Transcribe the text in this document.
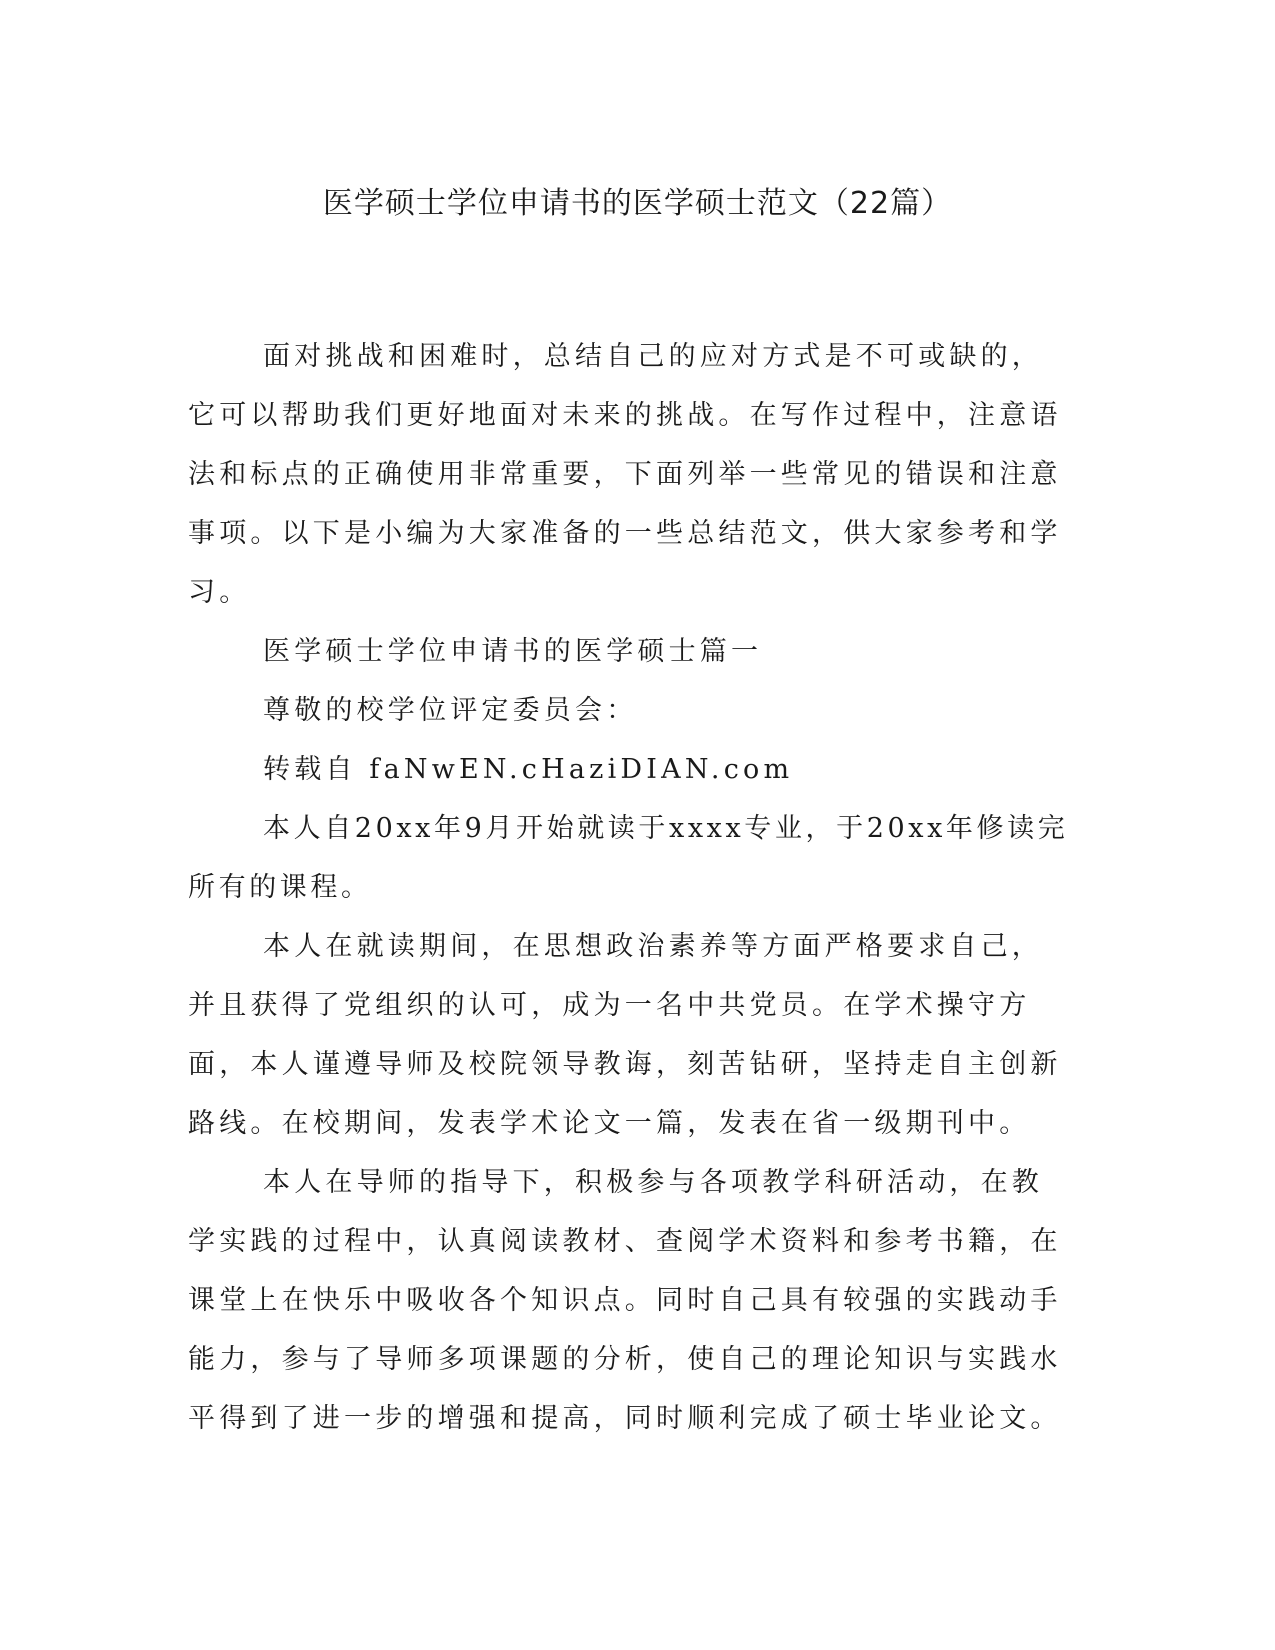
医学硕士学位申请书的医学硕士范文（22篇）

面对挑战和困难时，总结自己的应对方式是不可或缺的，它可以帮助我们更好地面对未来的挑战。在写作过程中，注意语法和标点的正确使用非常重要，下面列举一些常见的错误和注意事项。以下是小编为大家准备的一些总结范文，供大家参考和学习。

医学硕士学位申请书的医学硕士篇一

尊敬的校学位评定委员会：

转载自 faNwEN.cHaziDIAN.com

本人自20xx年9月开始就读于xxxx专业，于20xx年修读完所有的课程。

本人在就读期间，在思想政治素养等方面严格要求自己，并且获得了党组织的认可，成为一名中共党员。在学术操守方面，本人谨遵导师及校院领导教诲，刻苦钻研，坚持走自主创新路线。在校期间，发表学术论文一篇，发表在省一级期刊中。

本人在导师的指导下，积极参与各项教学科研活动，在教学实践的过程中，认真阅读教材、查阅学术资料和参考书籍，在课堂上在快乐中吸收各个知识点。同时自己具有较强的实践动手能力，参与了导师多项课题的分析，使自己的理论知识与实践水平得到了进一步的增强和提高，同时顺利完成了硕士毕业论文。
